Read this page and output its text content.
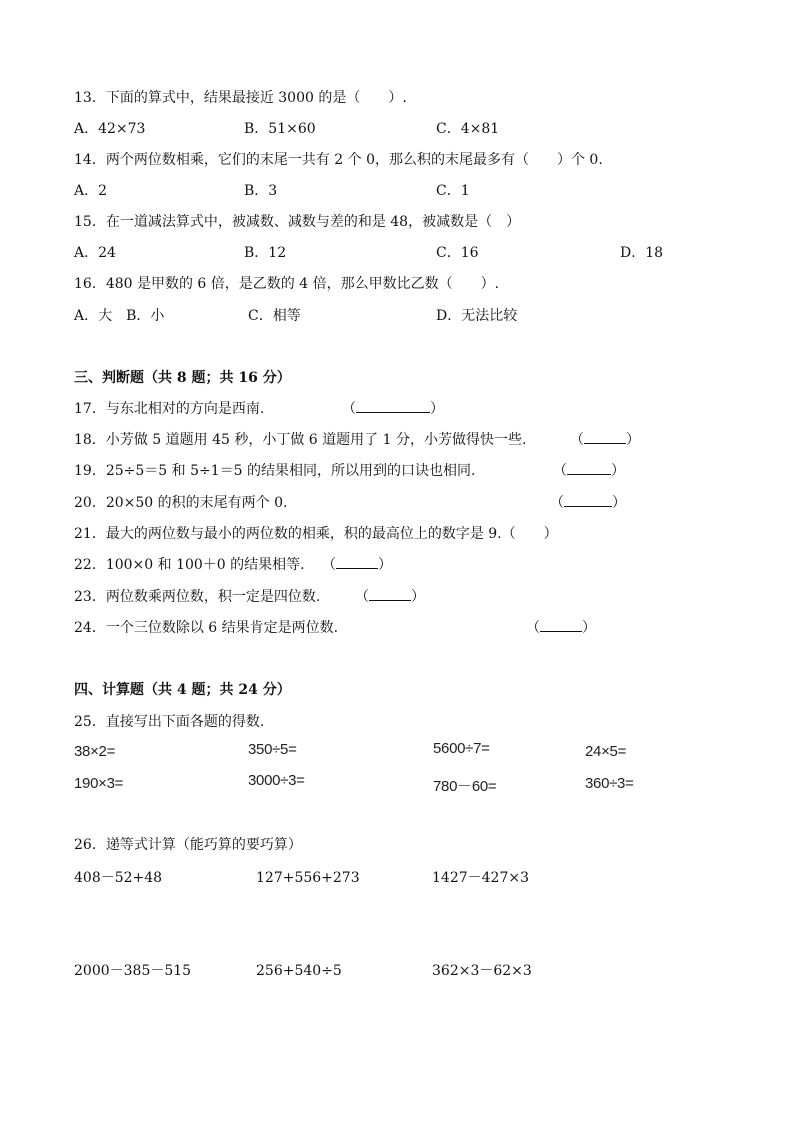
13．下面的算式中，结果最接近 3000 的是（　　）.
A．42×73	B．51×60	C．4×81
14．两个两位数相乘，它们的末尾一共有 2 个 0，那么积的末尾最多有（　　）个 0.
A．2	B．3	C．1
15．在一道减法算式中，被减数、减数与差的和是 48，被减数是（　）
A．24	B．12	C．16	D．18
16．480 是甲数的 6 倍，是乙数的 4 倍，那么甲数比乙数（　　）.
A．大　B．小	C．相等	D．无法比较
三、判断题（共 8 题；共 16 分）
17．与东北相对的方向是西南.	（	）
18．小芳做 5 道题用 45 秒，小丁做 6 道题用了 1 分，小芳做得快一些.	（	）
19．25÷5＝5 和 5÷1＝5 的结果相同，所以用到的口诀也相同.	（	）
20．20×50 的积的末尾有两个 0.	（	）
21．最大的两位数与最小的两位数的相乘，积的最高位上的数字是 9.（　　）
22．100×0 和 100＋0 的结果相等. （	）
23．两位数乘两位数，积一定是四位数. （	）
24．一个三位数除以 6 结果肯定是两位数.	（	）
四、计算题（共 4 题；共 24 分）
25．直接写出下面各题的得数.
38×2=	350÷5=	5600÷7=	24×5=
190×3=	3000÷3=	780－60=	360÷3=
26．递等式计算（能巧算的要巧算）
408－52+48	127+556+273	1427－427×3
2000－385－515	256+540÷5	362×3－62×3
